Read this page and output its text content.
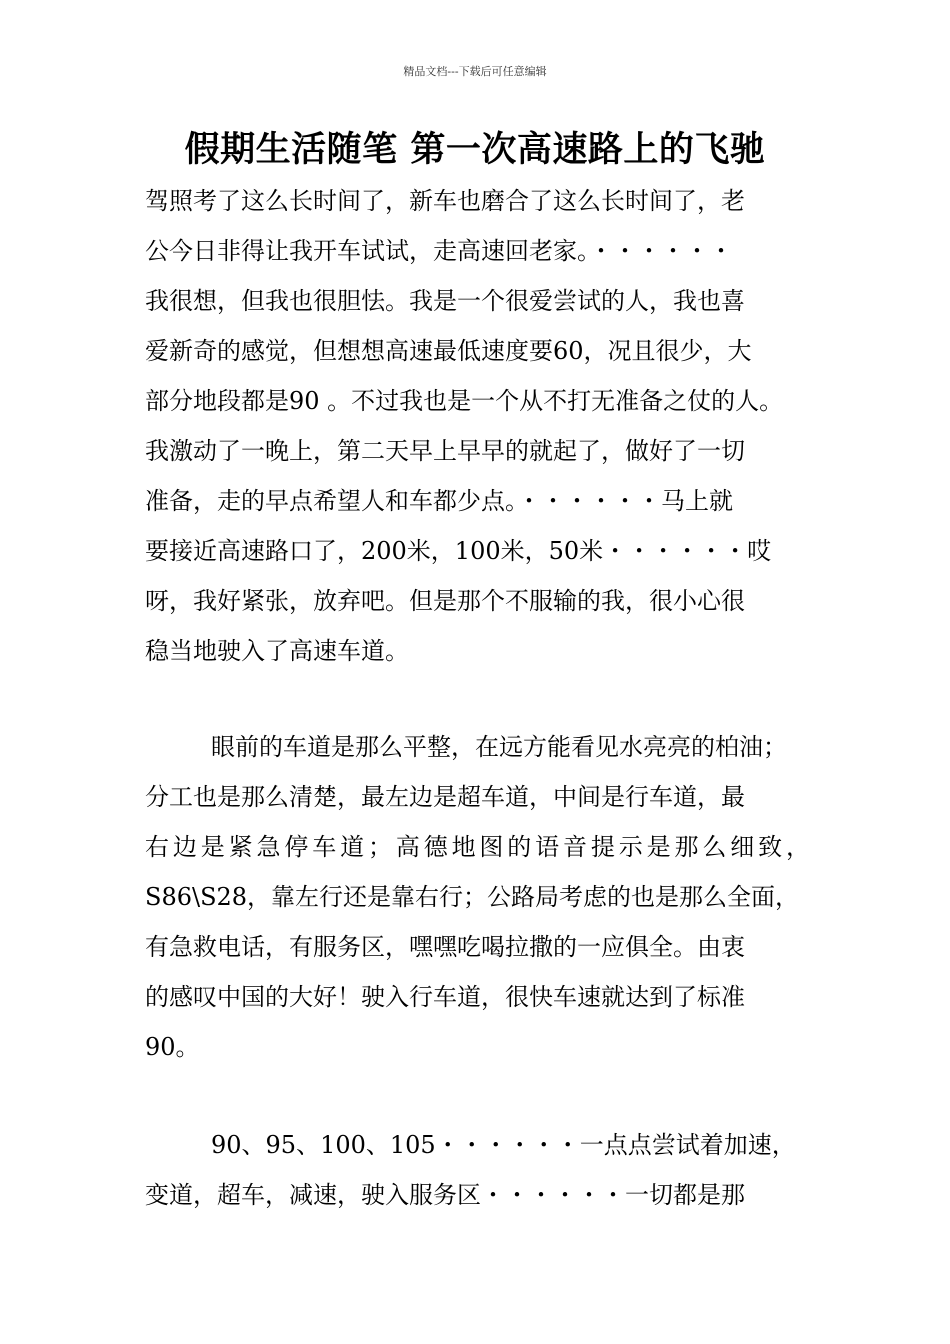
精品文档---下载后可任意编辑
假期生活随笔 第一次高速路上的飞驰
驾照考了这么长时间了，新车也磨合了这么长时间了，老
公今日非得让我开车试试，走高速回老家。・・・・・・
我很想，但我也很胆怯。我是一个很爱尝试的人，我也喜
爱新奇的感觉，但想想高速最低速度要60，况且很少，大
部分地段都是90 。不过我也是一个从不打无准备之仗的人。
我激动了一晚上，第二天早上早早的就起了，做好了一切
准备，走的早点希望人和车都少点。・・・・・・马上就
要接近高速路口了，200米，100米，50米・・・・・・哎
呀，我好紧张，放弃吧。但是那个不服输的我，很小心很
稳当地驶入了高速车道。
眼前的车道是那么平整，在远方能看见水亮亮的柏油；
分工也是那么清楚，最左边是超车道，中间是行车道，最
右边是紧急停车道；高德地图的语音提示是那么细致，
S86\S28，靠左行还是靠右行；公路局考虑的也是那么全面，
有急救电话，有服务区，嘿嘿吃喝拉撒的一应俱全。由衷
的感叹中国的大好！驶入行车道，很快车速就达到了标准
90。
90、95、100、105・・・・・・一点点尝试着加速，
变道，超车，减速，驶入服务区・・・・・・一切都是那
